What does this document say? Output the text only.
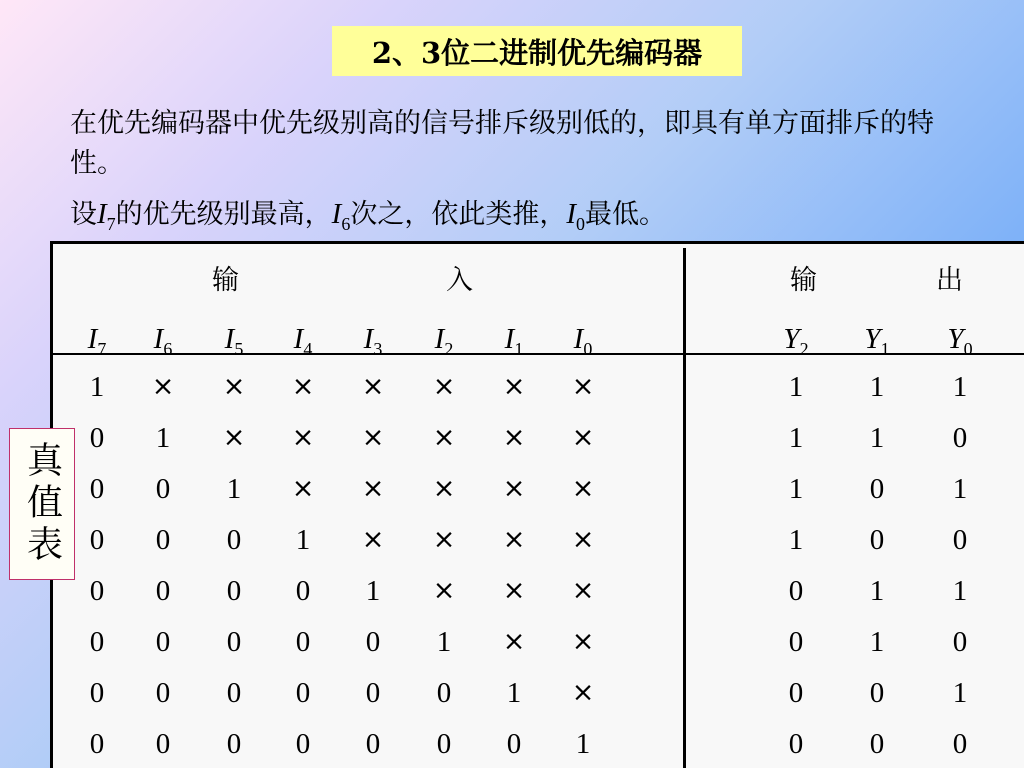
2、3位二进制优先编码器
在优先编码器中优先级别高的信号排斥级别低的，即具有单方面排斥的特性。
设$I_7$的优先级别最高，$I_6$次之，依此类推，$I_0$最低。
输	入	输	出
$I_7$ $I_6$ $I_5$ $I_4$ $I_3$ $I_2$ $I_1$ $I_0$	$Y_2$ $Y_1$ $Y_0$
1 × × × × × × ×	1 1 1
0 1 × × × × × ×	1 1 0
0 0 1 × × × × ×	1 0 1
0 0 0 1 × × × ×	1 0 0
0 0 0 0 1 × × ×	0 1 1
0 0 0 0 0 1 × ×	0 1 0
0 0 0 0 0 0 1 ×	0 0 1
0 0 0 0 0 0 0 1	0 0 0
真值表
